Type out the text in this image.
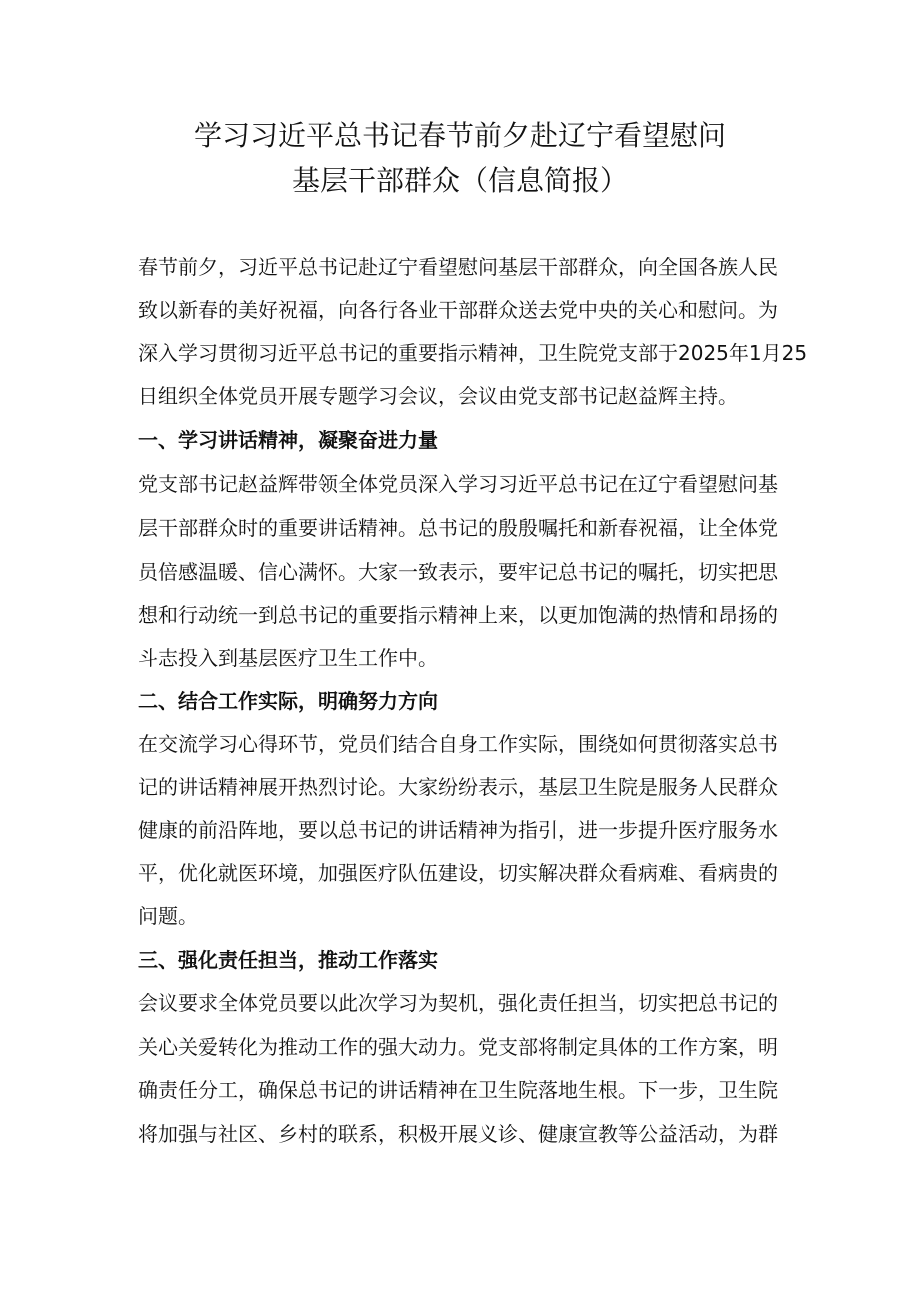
学习习近平总书记春节前夕赴辽宁看望慰问
基层干部群众（信息简报）
春节前夕，习近平总书记赴辽宁看望慰问基层干部群众，向全国各族人民
致以新春的美好祝福，向各行各业干部群众送去党中央的关心和慰问。为
深入学习贯彻习近平总书记的重要指示精神，卫生院党支部于2025年1月25
日组织全体党员开展专题学习会议，会议由党支部书记赵益辉主持。
一、学习讲话精神，凝聚奋进力量
党支部书记赵益辉带领全体党员深入学习习近平总书记在辽宁看望慰问基
层干部群众时的重要讲话精神。总书记的殷殷嘱托和新春祝福，让全体党
员倍感温暖、信心满怀。大家一致表示，要牢记总书记的嘱托，切实把思
想和行动统一到总书记的重要指示精神上来，以更加饱满的热情和昂扬的
斗志投入到基层医疗卫生工作中。
二、结合工作实际，明确努力方向
在交流学习心得环节，党员们结合自身工作实际，围绕如何贯彻落实总书
记的讲话精神展开热烈讨论。大家纷纷表示，基层卫生院是服务人民群众
健康的前沿阵地，要以总书记的讲话精神为指引，进一步提升医疗服务水
平，优化就医环境，加强医疗队伍建设，切实解决群众看病难、看病贵的
问题。
三、强化责任担当，推动工作落实
会议要求全体党员要以此次学习为契机，强化责任担当，切实把总书记的
关心关爱转化为推动工作的强大动力。党支部将制定具体的工作方案，明
确责任分工，确保总书记的讲话精神在卫生院落地生根。下一步，卫生院
将加强与社区、乡村的联系，积极开展义诊、健康宣教等公益活动，为群
